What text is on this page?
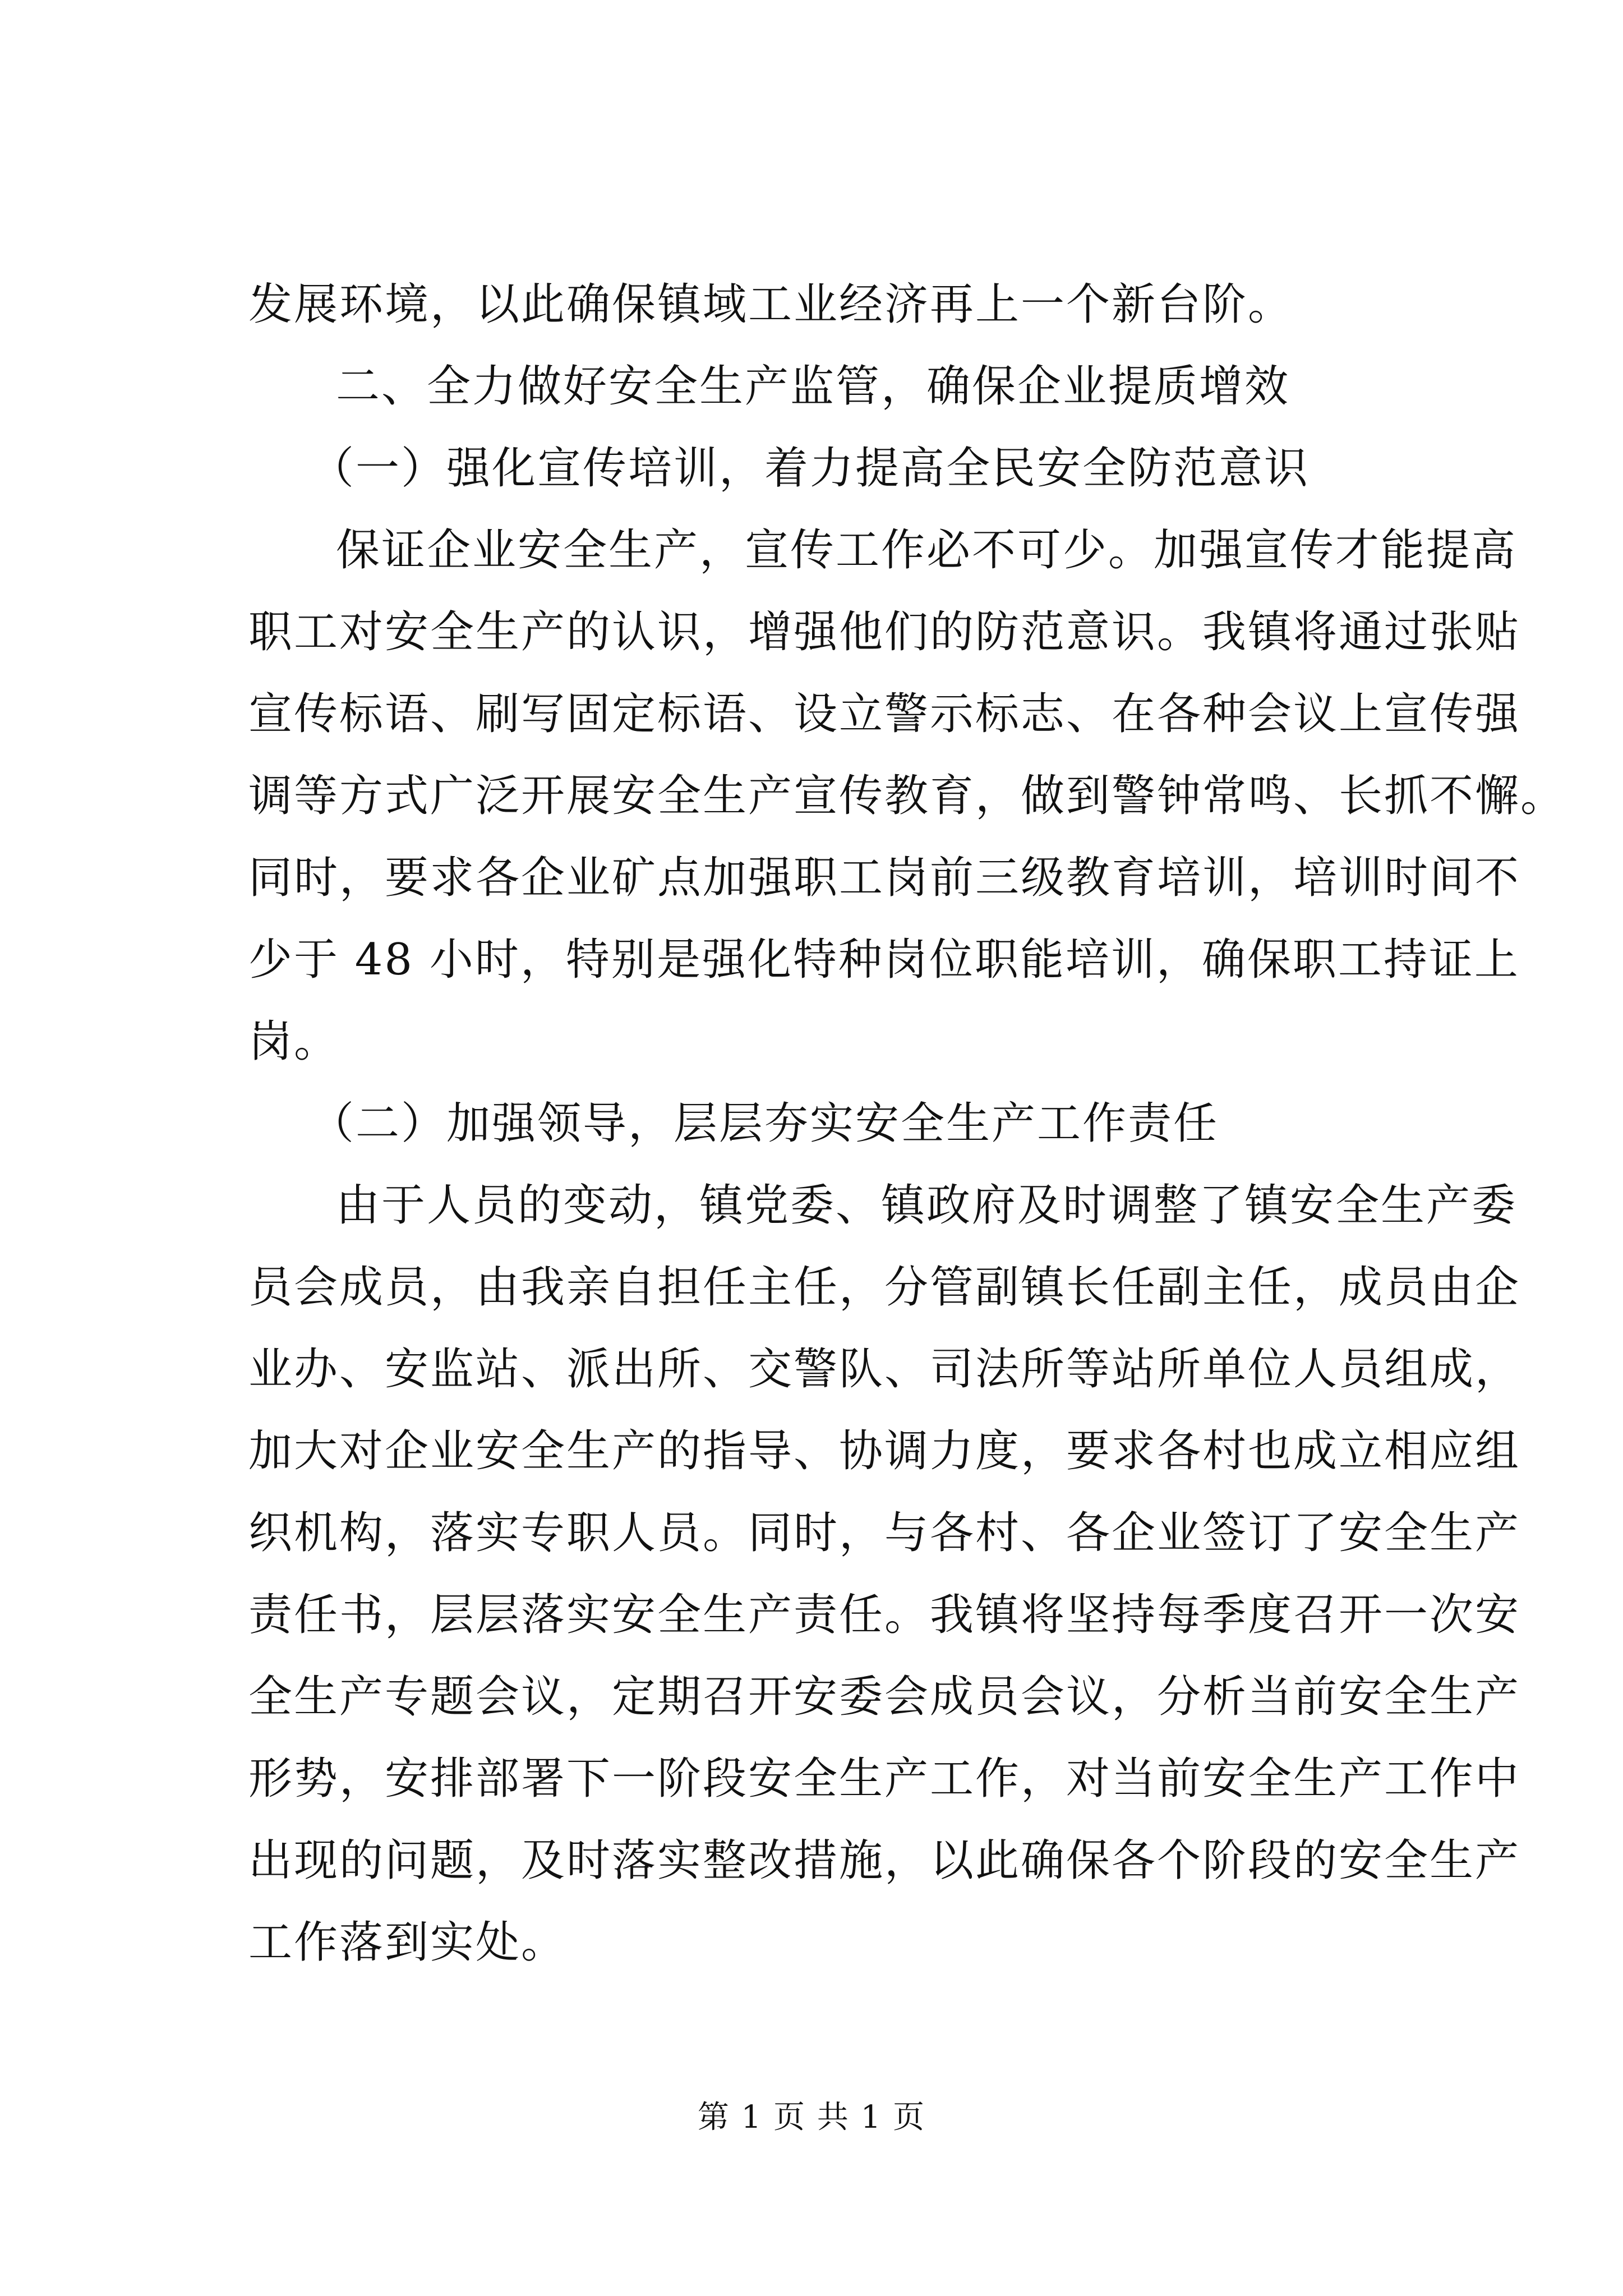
发展环境，以此确保镇域工业经济再上一个新台阶。
二、全力做好安全生产监管，确保企业提质增效
（一）强化宣传培训，着力提高全民安全防范意识
保证企业安全生产，宣传工作必不可少。加强宣传才能提高
职工对安全生产的认识，增强他们的防范意识。我镇将通过张贴
宣传标语、刷写固定标语、设立警示标志、在各种会议上宣传强
调等方式广泛开展安全生产宣传教育，做到警钟常鸣、长抓不懈。
同时，要求各企业矿点加强职工岗前三级教育培训，培训时间不
少于 48 小时，特别是强化特种岗位职能培训，确保职工持证上
岗。
（二）加强领导，层层夯实安全生产工作责任
由于人员的变动，镇党委、镇政府及时调整了镇安全生产委
员会成员，由我亲自担任主任，分管副镇长任副主任，成员由企
业办、安监站、派出所、交警队、司法所等站所单位人员组成，
加大对企业安全生产的指导、协调力度，要求各村也成立相应组
织机构，落实专职人员。同时，与各村、各企业签订了安全生产
责任书，层层落实安全生产责任。我镇将坚持每季度召开一次安
全生产专题会议，定期召开安委会成员会议，分析当前安全生产
形势，安排部署下一阶段安全生产工作，对当前安全生产工作中
出现的问题，及时落实整改措施，以此确保各个阶段的安全生产
工作落到实处。
第 1 页 共 1 页
